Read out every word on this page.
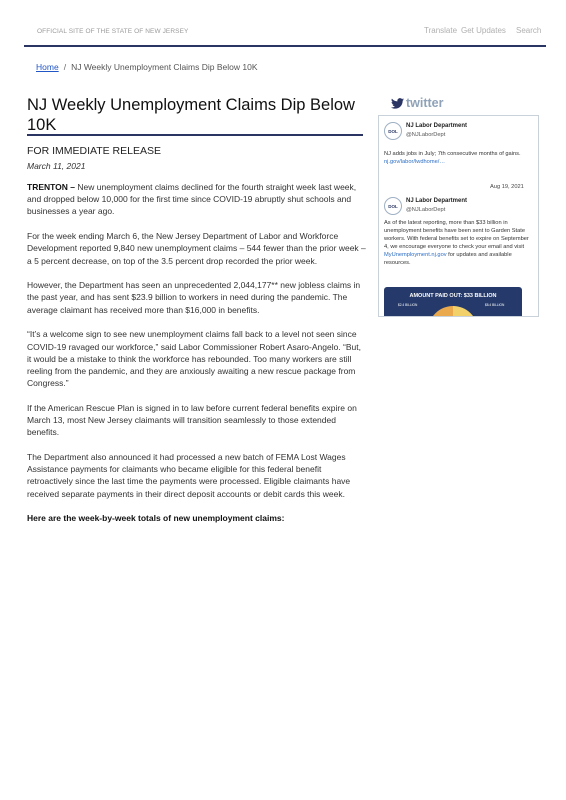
OFFICIAL SITE OF THE STATE OF NEW JERSEY	Translate Get Updates Search
Home / NJ Weekly Unemployment Claims Dip Below 10K
NJ Weekly Unemployment Claims Dip Below 10K
FOR IMMEDIATE RELEASE
March 11, 2021

TRENTON – New unemployment claims declined for the fourth straight week last week, and dropped below 10,000 for the first time since COVID-19 abruptly shut schools and businesses a year ago.

For the week ending March 6, the New Jersey Department of Labor and Workforce Development reported 9,840 new unemployment claims – 544 fewer than the prior week – a 5 percent decrease, on top of the 3.5 percent drop recorded the prior week.

However, the Department has seen an unprecedented 2,044,177** new jobless claims in the past year, and has sent $23.9 billion to workers in need during the pandemic. The average claimant has received more than $16,000 in benefits.

“It’s a welcome sign to see new unemployment claims fall back to a level not seen since COVID-19 ravaged our workforce,” said Labor Commissioner Robert Asaro-Angelo. “But, it would be a mistake to think the workforce has rebounded. Too many workers are still reeling from the pandemic, and they are anxiously awaiting a new rescue package from Congress.”

If the American Rescue Plan is signed in to law before current federal benefits expire on March 13, most New Jersey claimants will transition seamlessly to those extended benefits.

The Department also announced it had processed a new batch of FEMA Lost Wages Assistance payments for claimants who became eligible for this federal benefit retroactively since the last time the payments were processed. Eligible claimants have received separate payments in their direct deposit accounts or debit cards this week.

Here are the week-by-week totals of new unemployment claims:

twitter
DOL
NJ Labor Department
@NJLaborDept
NJ adds jobs in July; 7th consecutive months of gains. nj.gov/labor/lwdhome/…
Aug 19, 2021
DOL
NJ Labor Department
@NJLaborDept
As of the latest reporting, more than $33 billion in unemployment benefits have been sent to Garden State workers. With federal benefits set to expire on September 4, we encourage everyone to check your email and visit MyUnemployment.nj.gov for updates and available resources.
AMOUNT PAID OUT: $33 BILLION
$2.4 BILLION	$8.4 BILLION
